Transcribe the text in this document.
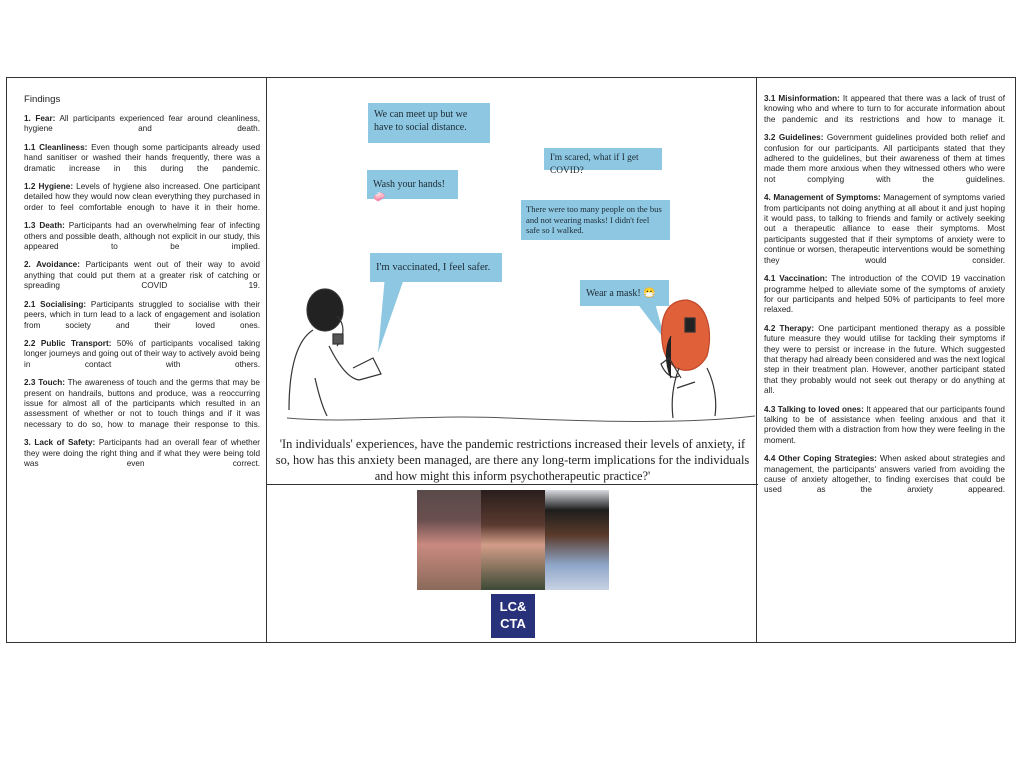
Findings

1. Fear: All participants experienced fear around cleanliness, hygiene and death.

1.1 Cleanliness: Even though some participants already used hand sanitiser or washed their hands frequently, there was a dramatic increase in this during the pandemic.

1.2 Hygiene: Levels of hygiene also increased. One participant detailed how they would now clean everything they purchased in order to feel comfortable enough to have it in their home.

1.3 Death: Participants had an overwhelming fear of infecting others and possible death, although not explicit in our study, this appeared to be implied.

2. Avoidance: Participants went out of their way to avoid anything that could put them at a greater risk of catching or spreading COVID 19.

2.1 Socialising: Participants struggled to socialise with their peers, which in turn lead to a lack of engagement and isolation from society and their loved ones.

2.2 Public Transport: 50% of participants vocalised taking longer journeys and going out of their way to actively avoid being in contact with others.

2.3 Touch: The awareness of touch and the germs that may be present on handrails, buttons and produce, was a reoccurring issue for almost all of the participants which resulted in an assessment of whether or not to touch things and if it was necessary to do so, how to manage their response to this.

3. Lack of Safety: Participants had an overall fear of whether they were doing the right thing and if what they were being told was even correct.

We can meet up but we have to social distance.
Wash your hands!🧼
I'm scared, what if I get COVID?
There were too many people on the bus and not wearing masks! I didn't feel safe so I walked.
I'm vaccinated, I feel safer.
Wear a mask! 😷
'In individuals' experiences, have the pandemic restrictions increased their levels of anxiety, if so, how has this anxiety been managed, are there any long-term implications for the individuals and how might this inform psychotherapeutic practice?'
LC&
CTA

3.1 Misinformation: It appeared that there was a lack of trust of knowing who and where to turn to for accurate information about the pandemic and its restrictions and how to manage it.

3.2 Guidelines: Government guidelines provided both relief and confusion for our participants. All participants stated that they adhered to the guidelines, but their awareness of them at times made them more anxious when they witnessed others who were not complying with the guidelines.

4. Management of Symptoms: Management of symptoms varied from participants not doing anything at all about it and just hoping it would pass, to talking to friends and family or actively seeking out a therapeutic alliance to ease their symptoms. Most participants suggested that if their symptoms of anxiety were to continue or worsen, therapeutic interventions would be something they would consider.

4.1 Vaccination: The introduction of the COVID 19 vaccination programme helped to alleviate some of the symptoms of anxiety for our participants and helped 50% of participants to feel more relaxed.

4.2 Therapy: One participant mentioned therapy as a possible future measure they would utilise for tackling their symptoms if they were to persist or increase in the future. Which suggested that therapy had already been considered and was the next logical step in their treatment plan. However, another participant stated that they probably would not seek out therapy or do anything at all.

4.3 Talking to loved ones: It appeared that our participants found talking to be of assistance when feeling anxious and that it provided them with a distraction from how they were feeling in the moment.

4.4 Other Coping Strategies: When asked about strategies and management, the participants' answers varied from avoiding the cause of anxiety altogether, to finding exercises that could be used as the anxiety appeared.
